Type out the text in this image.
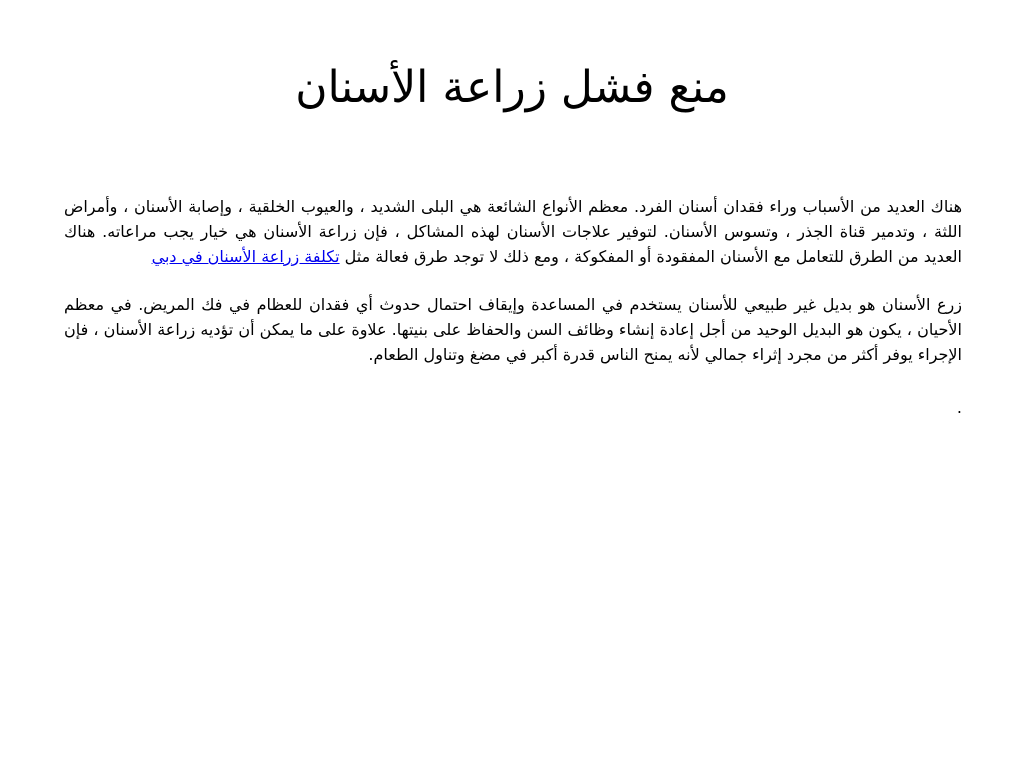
منع فشل زراعة الأسنان

هناك العديد من الأسباب وراء فقدان أسنان الفرد. معظم الأنواع الشائعة هي البلى الشديد ، والعيوب الخلقية ، وإصابة الأسنان ، وأمراض اللثة ، وتدمير قناة الجذر ، وتسوس الأسنان. لتوفير علاجات الأسنان لهذه المشاكل ، فإن زراعة الأسنان هي خيار يجب مراعاته. هناك العديد من الطرق للتعامل مع الأسنان المفقودة أو المفكوكة ، ومع ذلك لا توجد طرق فعالة مثل تكلفة زراعة الأسنان في دبي

زرع الأسنان هو بديل غير طبيعي للأسنان يستخدم في المساعدة وإيقاف احتمال حدوث أي فقدان للعظام في فك المريض. في معظم الأحيان ، يكون هو البديل الوحيد من أجل إعادة إنشاء وظائف السن والحفاظ على بنيتها. علاوة على ما يمكن أن تؤديه زراعة الأسنان ، فإن الإجراء يوفر أكثر من مجرد إثراء جمالي لأنه يمنح الناس قدرة أكبر في مضغ وتناول الطعام.

.
